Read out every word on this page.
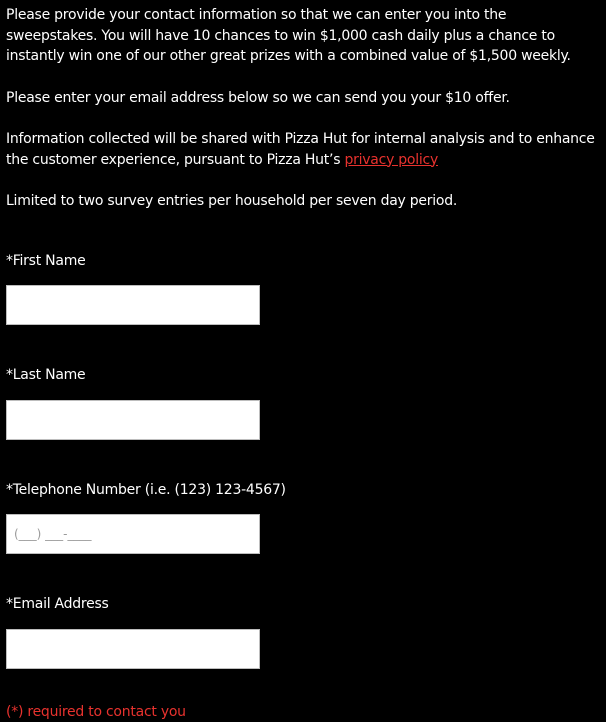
Please provide your contact information so that we can enter you into the sweepstakes. You will have 10 chances to win $1,000 cash daily plus a chance to instantly win one of our other great prizes with a combined value of $1,500 weekly.

Please enter your email address below so we can send you your $10 offer.

Information collected will be shared with Pizza Hut for internal analysis and to enhance the customer experience, pursuant to Pizza Hut’s privacy policy

Limited to two survey entries per household per seven day period.

*First Name
*Last Name
*Telephone Number (i.e. (123) 123-4567)
(___) ___-____
*Email Address

(*) required to contact you
